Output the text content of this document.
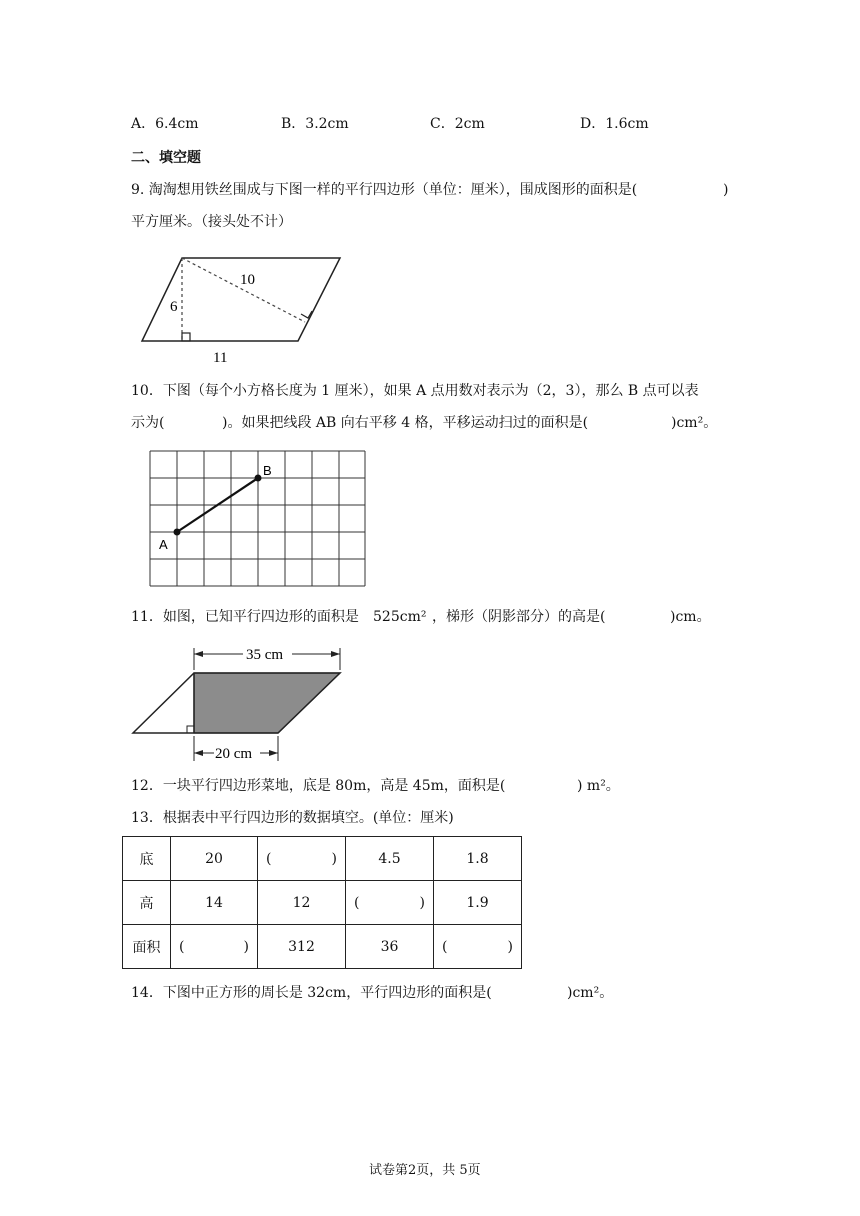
A．6.4cm	B．3.2cm	C．2cm	D．1.6cm
二、填空题
9. 淘淘想用铁丝围成与下图一样的平行四边形（单位：厘米），围成图形的面积是(	)
平方厘米。（接头处不计）
6
10
11
10．下图（每个小方格长度为 1 厘米），如果 A 点用数对表示为（2，3），那么 B 点可以表
示为(	)。如果把线段 AB 向右平移 4 格，平移运动扫过的面积是(	)cm²。
A
B
11．如图，已知平行四边形的面积是 525cm² ，梯形（阴影部分）的高是(	)cm。
35 cm
20 cm
12．一块平行四边形菜地，底是 80m，高是 45m，面积是(	) m²。
13．根据表中平行四边形的数据填空。(单位：厘米)
底	20	( )	4.5	1.8
高	14	12	( )	1.9
面积	( )	312	36	( )
14．下图中正方形的周长是 32cm，平行四边形的面积是(	)cm²。
试卷第2页，共 5页
